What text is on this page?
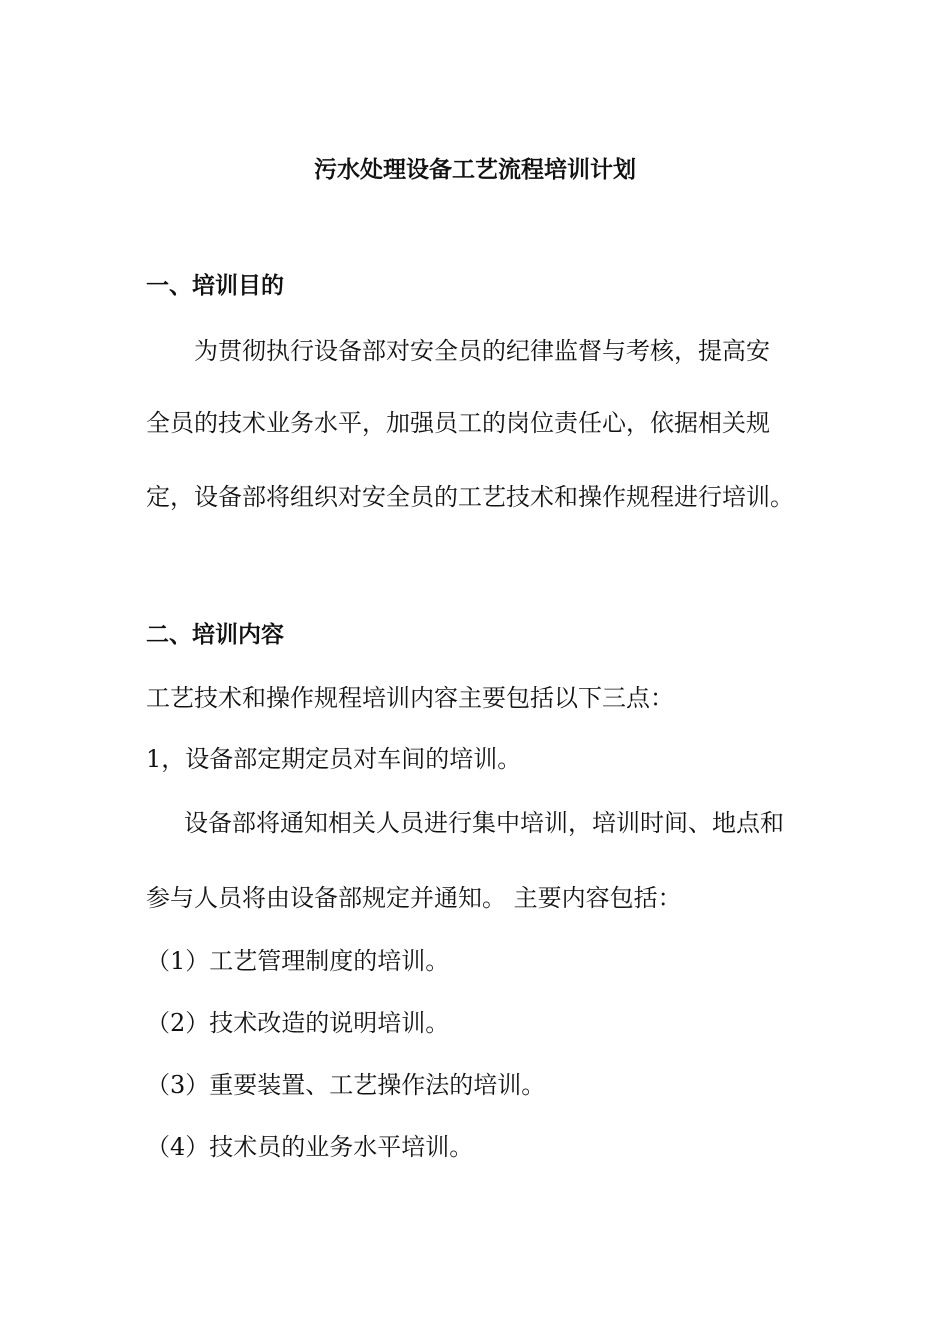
污水处理设备工艺流程培训计划
一、培训目的
为贯彻执行设备部对安全员的纪律监督与考核，提高安
全员的技术业务水平，加强员工的岗位责任心，依据相关规
定，设备部将组织对安全员的工艺技术和操作规程进行培训。
二、培训内容
工艺技术和操作规程培训内容主要包括以下三点：
1，设备部定期定员对车间的培训。
设备部将通知相关人员进行集中培训，培训时间、地点和
参与人员将由设备部规定并通知。 主要内容包括：
（1）工艺管理制度的培训。
（2）技术改造的说明培训。
（3）重要装置、工艺操作法的培训。
（4）技术员的业务水平培训。
